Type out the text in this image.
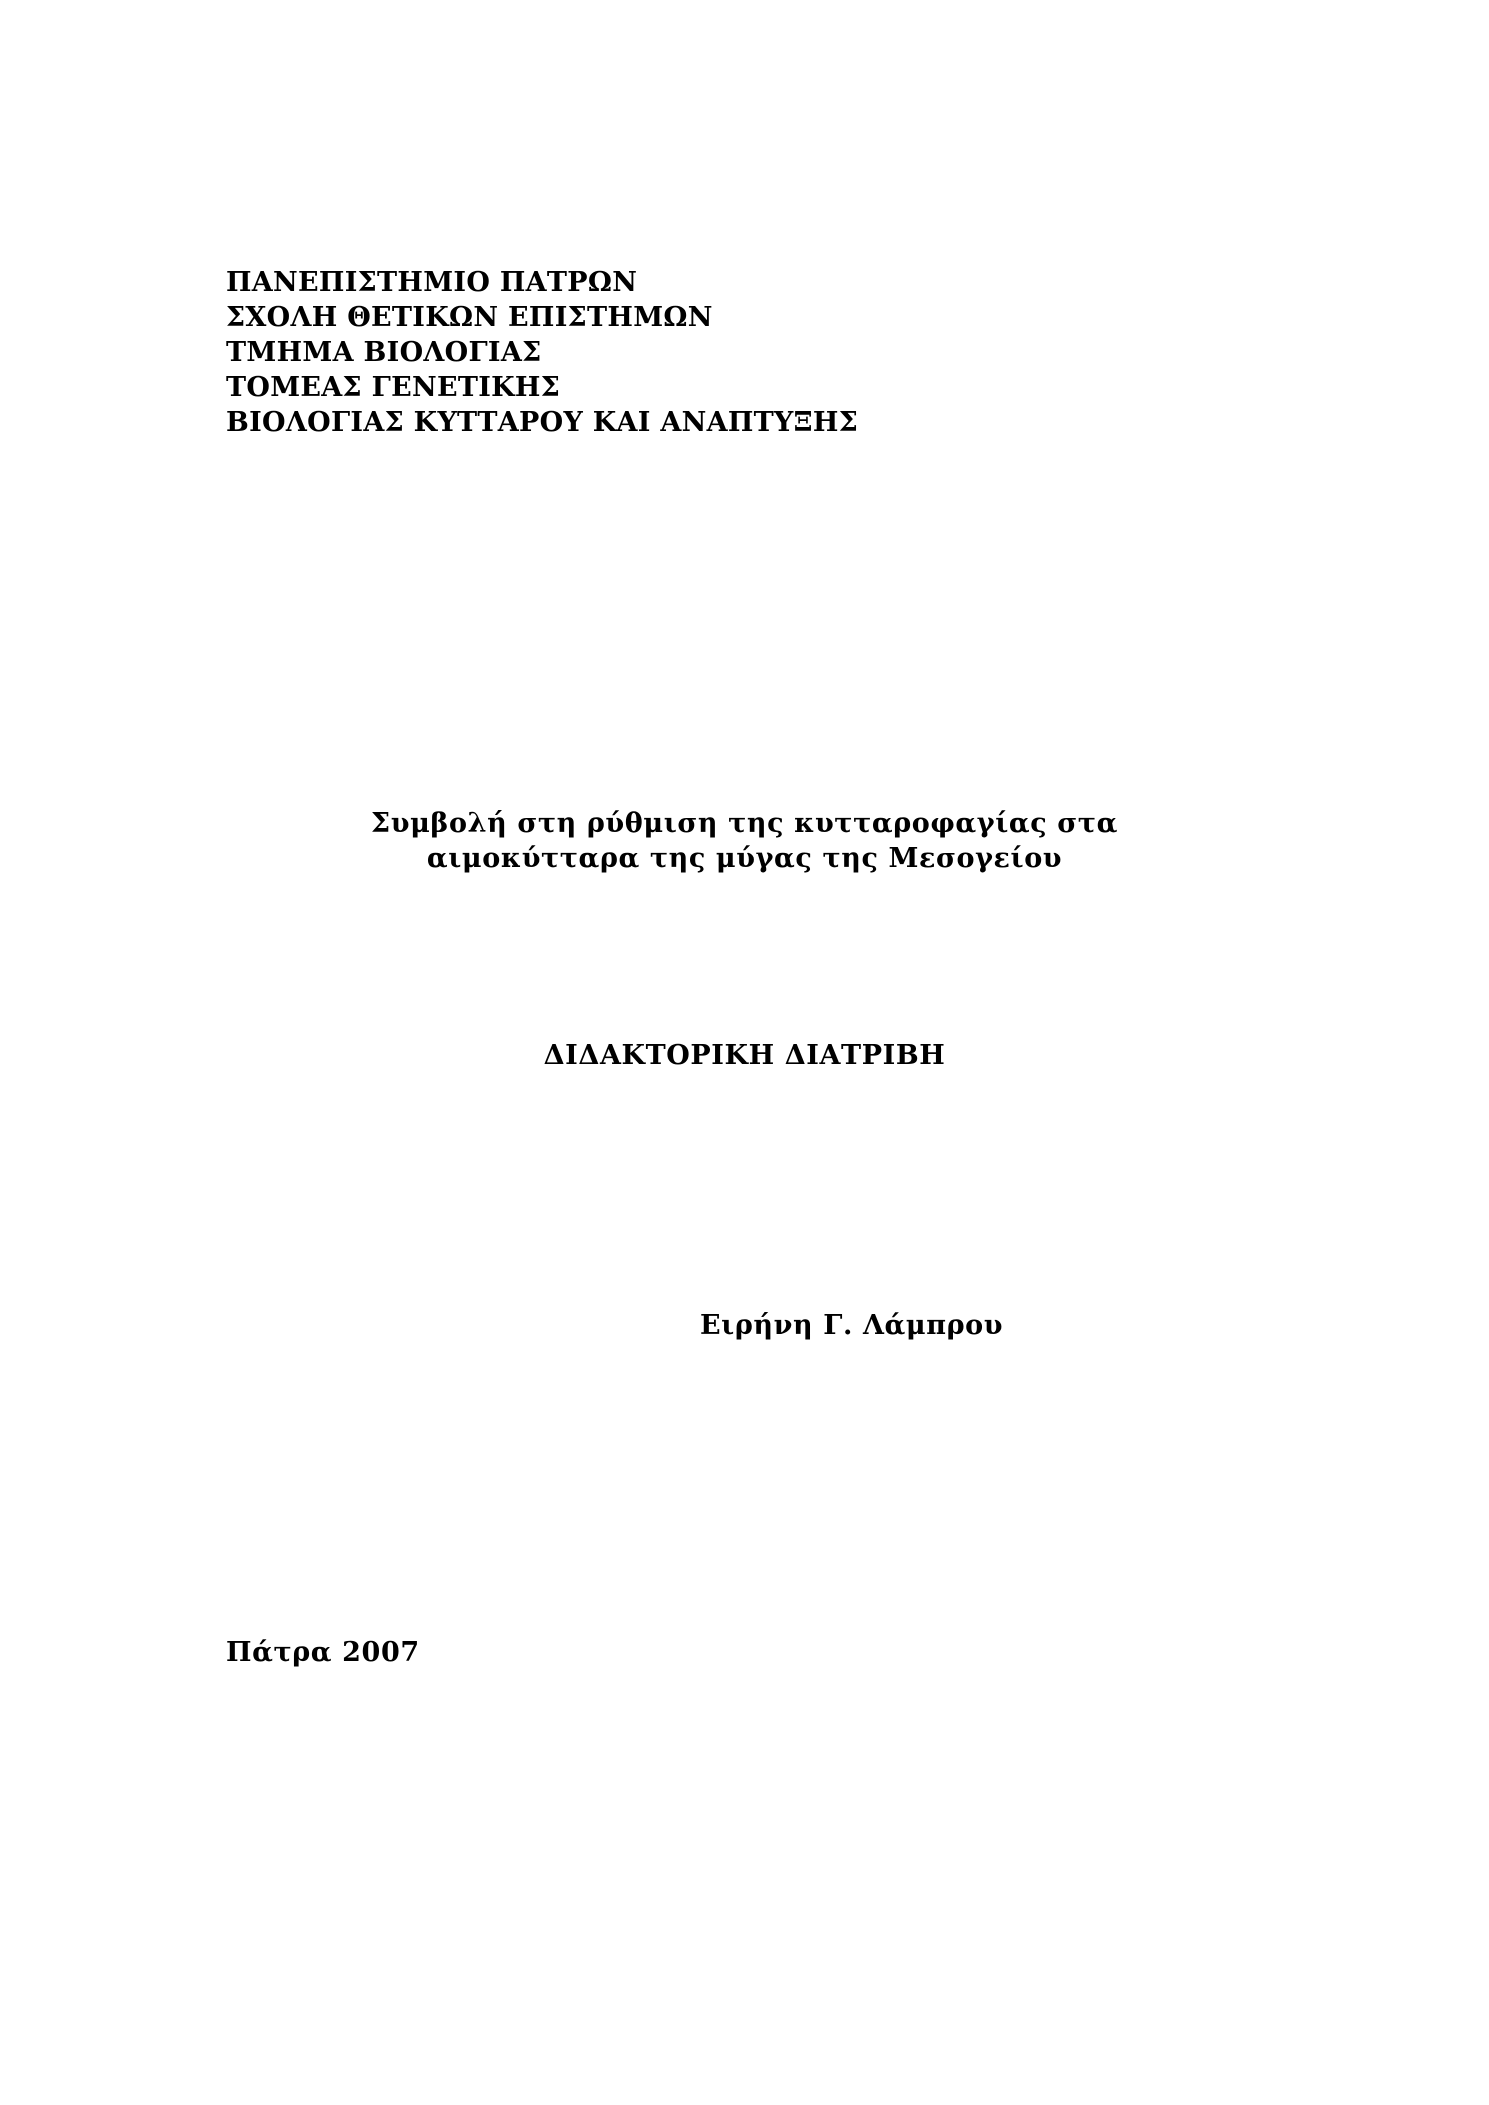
ΠΑΝΕΠΙΣΤΗΜΙΟ ΠΑΤΡΩΝ
ΣΧΟΛΗ ΘΕΤΙΚΩΝ ΕΠΙΣΤΗΜΩΝ
ΤΜΗΜΑ ΒΙΟΛΟΓΙΑΣ
ΤΟΜΕΑΣ ΓΕΝΕΤΙΚΗΣ
ΒΙΟΛΟΓΙΑΣ ΚΥΤΤΑΡΟΥ ΚΑΙ ΑΝΑΠΤΥΞΗΣ
Συμβολή στη ρύθμιση της κυτταροφαγίας στα
αιμοκύτταρα της μύγας της Μεσογείου
ΔΙΔΑΚΤΟΡΙΚΗ ΔΙΑΤΡΙΒΗ
Ειρήνη Γ. Λάμπρου
Πάτρα 2007
